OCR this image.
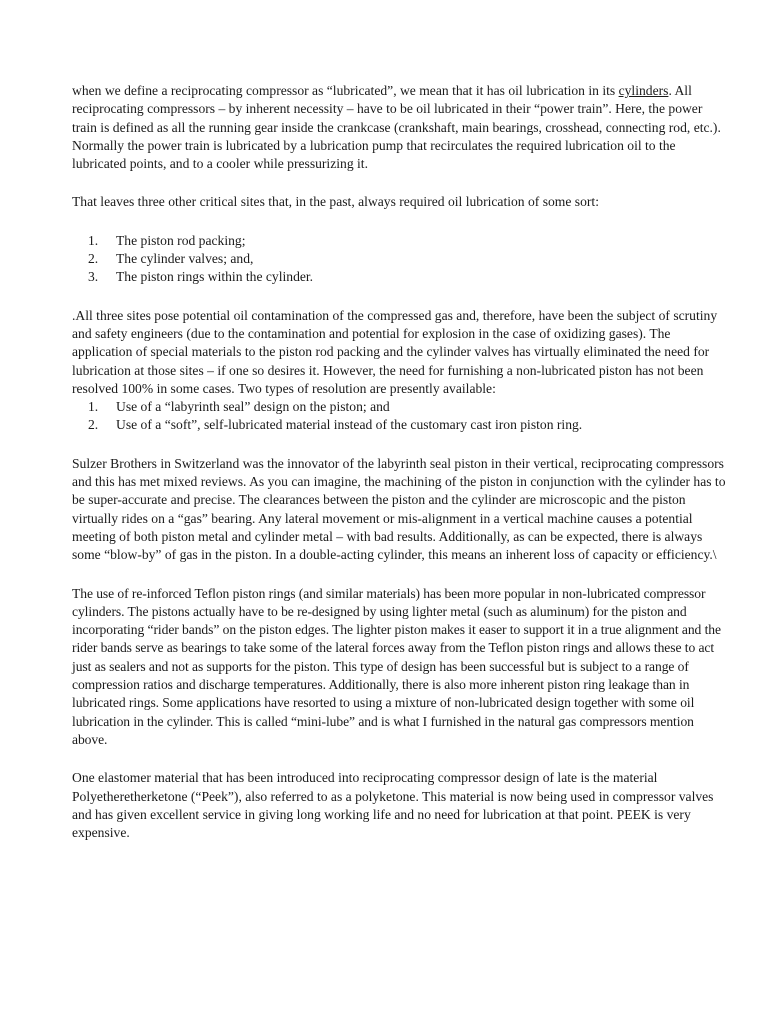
when we define a reciprocating compressor as “lubricated”, we mean that it has oil lubrication in its cylinders. All reciprocating compressors – by inherent necessity – have to be oil lubricated in their “power train”. Here, the power train is defined as all the running gear inside the crankcase (crankshaft, main bearings, crosshead, connecting rod, etc.). Normally the power train is lubricated by a lubrication pump that recirculates the required lubrication oil to the lubricated points, and to a cooler while pressurizing it.

That leaves three other critical sites that, in the past, always required oil lubrication of some sort:

1.	The piston rod packing;
2.	The cylinder valves; and,
3.	The piston rings within the cylinder.

.All three sites pose potential oil contamination of the compressed gas and, therefore, have been the subject of scrutiny and safety engineers (due to the contamination and potential for explosion in the case of oxidizing gases). The application of special materials to the piston rod packing and the cylinder valves has virtually eliminated the need for lubrication at those sites – if one so desires it. However, the need for furnishing a non-lubricated piston has not been resolved 100% in some cases. Two types of resolution are presently available:

1.	Use of a “labyrinth seal” design on the piston; and
2.	Use of a “soft”, self-lubricated material instead of the customary cast iron piston ring.

Sulzer Brothers in Switzerland was the innovator of the labyrinth seal piston in their vertical, reciprocating compressors and this has met mixed reviews. As you can imagine, the machining of the piston in conjunction with the cylinder has to be super-accurate and precise. The clearances between the piston and the cylinder are microscopic and the piston virtually rides on a “gas” bearing. Any lateral movement or mis-alignment in a vertical machine causes a potential meeting of both piston metal and cylinder metal – with bad results. Additionally, as can be expected, there is always some “blow-by” of gas in the piston. In a double-acting cylinder, this means an inherent loss of capacity or efficiency.\

The use of re-inforced Teflon piston rings (and similar materials) has been more popular in non-lubricated compressor cylinders. The pistons actually have to be re-designed by using lighter metal (such as aluminum) for the piston and incorporating “rider bands” on the piston edges. The lighter piston makes it easer to support it in a true alignment and the rider bands serve as bearings to take some of the lateral forces away from the Teflon piston rings and allows these to act just as sealers and not as supports for the piston. This type of design has been successful but is subject to a range of compression ratios and discharge temperatures. Additionally, there is also more inherent piston ring leakage than in lubricated rings. Some applications have resorted to using a mixture of non-lubricated design together with some oil lubrication in the cylinder. This is called “mini-lube” and is what I furnished in the natural gas compressors mention above.

One elastomer material that has been introduced into reciprocating compressor design of late is the material Polyetheretherketone (“Peek”), also referred to as a polyketone. This material is now being used in compressor valves and has given excellent service in giving long working life and no need for lubrication at that point. PEEK is very expensive.
